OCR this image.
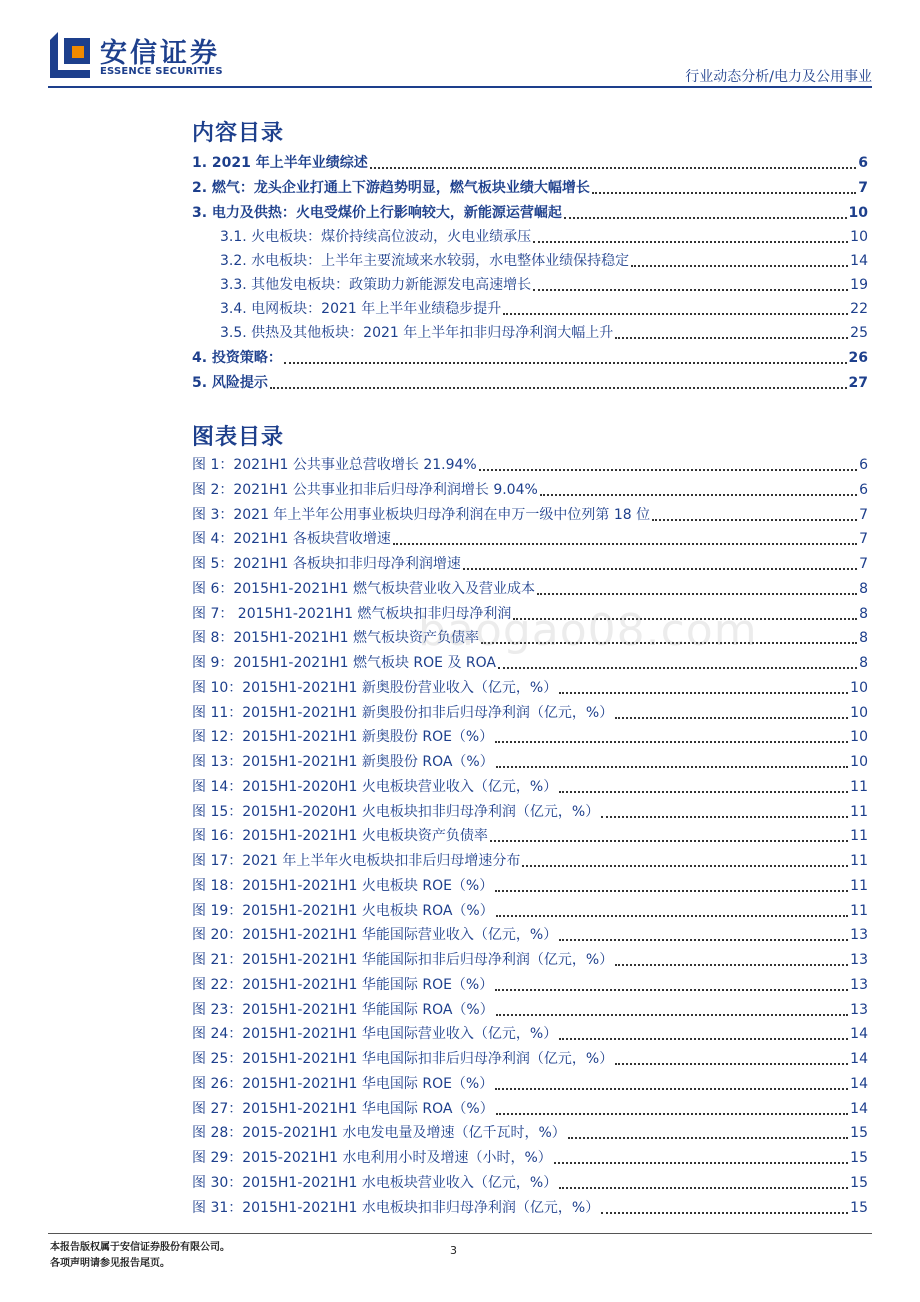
安信证券
ESSENCE SECURITIES	行业动态分析/电力及公用事业
内容目录
1. 2021 年上半年业绩综述	6
2. 燃气：龙头企业打通上下游趋势明显，燃气板块业绩大幅增长	7
3. 电力及供热：火电受煤价上行影响较大，新能源运营崛起	10
3.1. 火电板块：煤价持续高位波动，火电业绩承压	10
3.2. 水电板块：上半年主要流域来水较弱，水电整体业绩保持稳定	14
3.3. 其他发电板块：政策助力新能源发电高速增长	19
3.4. 电网板块：2021 年上半年业绩稳步提升	22
3.5. 供热及其他板块：2021 年上半年扣非归母净利润大幅上升	25
4. 投资策略：	26
5. 风险提示	27
图表目录
图 1：2021H1 公共事业总营收增长 21.94%	6
图 2：2021H1 公共事业扣非后归母净利润增长 9.04%	6
图 3：2021 年上半年公用事业板块归母净利润在申万一级中位列第 18 位	7
图 4：2021H1 各板块营收增速	7
图 5：2021H1 各板块扣非归母净利润增速	7
图 6：2015H1-2021H1 燃气板块营业收入及营业成本	8
图 7： 2015H1-2021H1 燃气板块扣非归母净利润	8
图 8：2015H1-2021H1 燃气板块资产负债率	8
图 9：2015H1-2021H1 燃气板块 ROE 及 ROA	8
图 10：2015H1-2021H1 新奥股份营业收入（亿元，%）	10
图 11：2015H1-2021H1 新奥股份扣非后归母净利润（亿元，%）	10
图 12：2015H1-2021H1 新奥股份 ROE（%）	10
图 13：2015H1-2021H1 新奥股份 ROA（%）	10
图 14：2015H1-2020H1 火电板块营业收入（亿元，%）	11
图 15：2015H1-2020H1 火电板块扣非归母净利润（亿元，%）	11
图 16：2015H1-2021H1 火电板块资产负债率	11
图 17：2021 年上半年火电板块扣非后归母增速分布	11
图 18：2015H1-2021H1 火电板块 ROE（%）	11
图 19：2015H1-2021H1 火电板块 ROA（%）	11
图 20：2015H1-2021H1 华能国际营业收入（亿元，%）	13
图 21：2015H1-2021H1 华能国际扣非后归母净利润（亿元，%）	13
图 22：2015H1-2021H1 华能国际 ROE（%）	13
图 23：2015H1-2021H1 华能国际 ROA（%）	13
图 24：2015H1-2021H1 华电国际营业收入（亿元，%）	14
图 25：2015H1-2021H1 华电国际扣非后归母净利润（亿元，%）	14
图 26：2015H1-2021H1 华电国际 ROE（%）	14
图 27：2015H1-2021H1 华电国际 ROA（%）	14
图 28：2015-2021H1 水电发电量及增速（亿千瓦时，%）	15
图 29：2015-2021H1 水电利用小时及增速（小时，%）	15
图 30：2015H1-2021H1 水电板块营业收入（亿元，%）	15
图 31：2015H1-2021H1 水电板块扣非归母净利润（亿元，%）	15
baogao08.com
本报告版权属于安信证券股份有限公司。
各项声明请参见报告尾页。
3
